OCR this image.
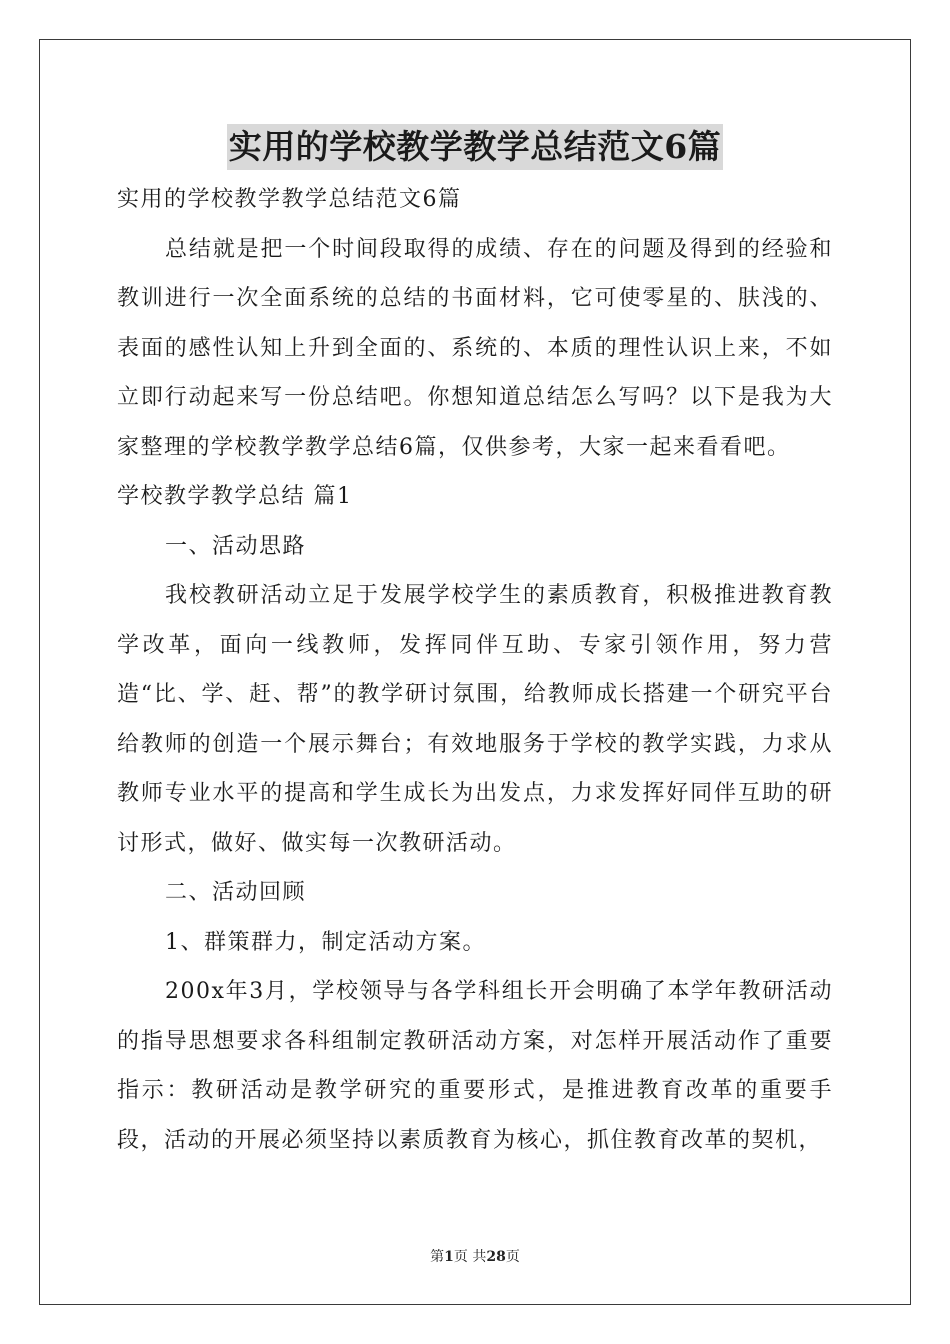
实用的学校教学教学总结范文6篇

实用的学校教学教学总结范文6篇

总结就是把一个时间段取得的成绩、存在的问题及得到的经验和教训进行一次全面系统的总结的书面材料，它可使零星的、肤浅的、表面的感性认知上升到全面的、系统的、本质的理性认识上来，不如立即行动起来写一份总结吧。你想知道总结怎么写吗？以下是我为大家整理的学校教学教学总结6篇，仅供参考，大家一起来看看吧。

学校教学教学总结 篇1

一、活动思路

我校教研活动立足于发展学校学生的素质教育，积极推进教育教学改革，面向一线教师，发挥同伴互助、专家引领作用，努力营造“比、学、赶、帮”的教学研讨氛围，给教师成长搭建一个研究平台给教师的创造一个展示舞台；有效地服务于学校的教学实践，力求从教师专业水平的提高和学生成长为出发点，力求发挥好同伴互助的研讨形式，做好、做实每一次教研活动。

二、活动回顾

1、群策群力，制定活动方案。

200x年3月，学校领导与各学科组长开会明确了本学年教研活动的指导思想要求各科组制定教研活动方案，对怎样开展活动作了重要指示：教研活动是教学研究的重要形式，是推进教育改革的重要手段，活动的开展必须坚持以素质教育为核心，抓住教育改革的契机，

第1页 共28页
